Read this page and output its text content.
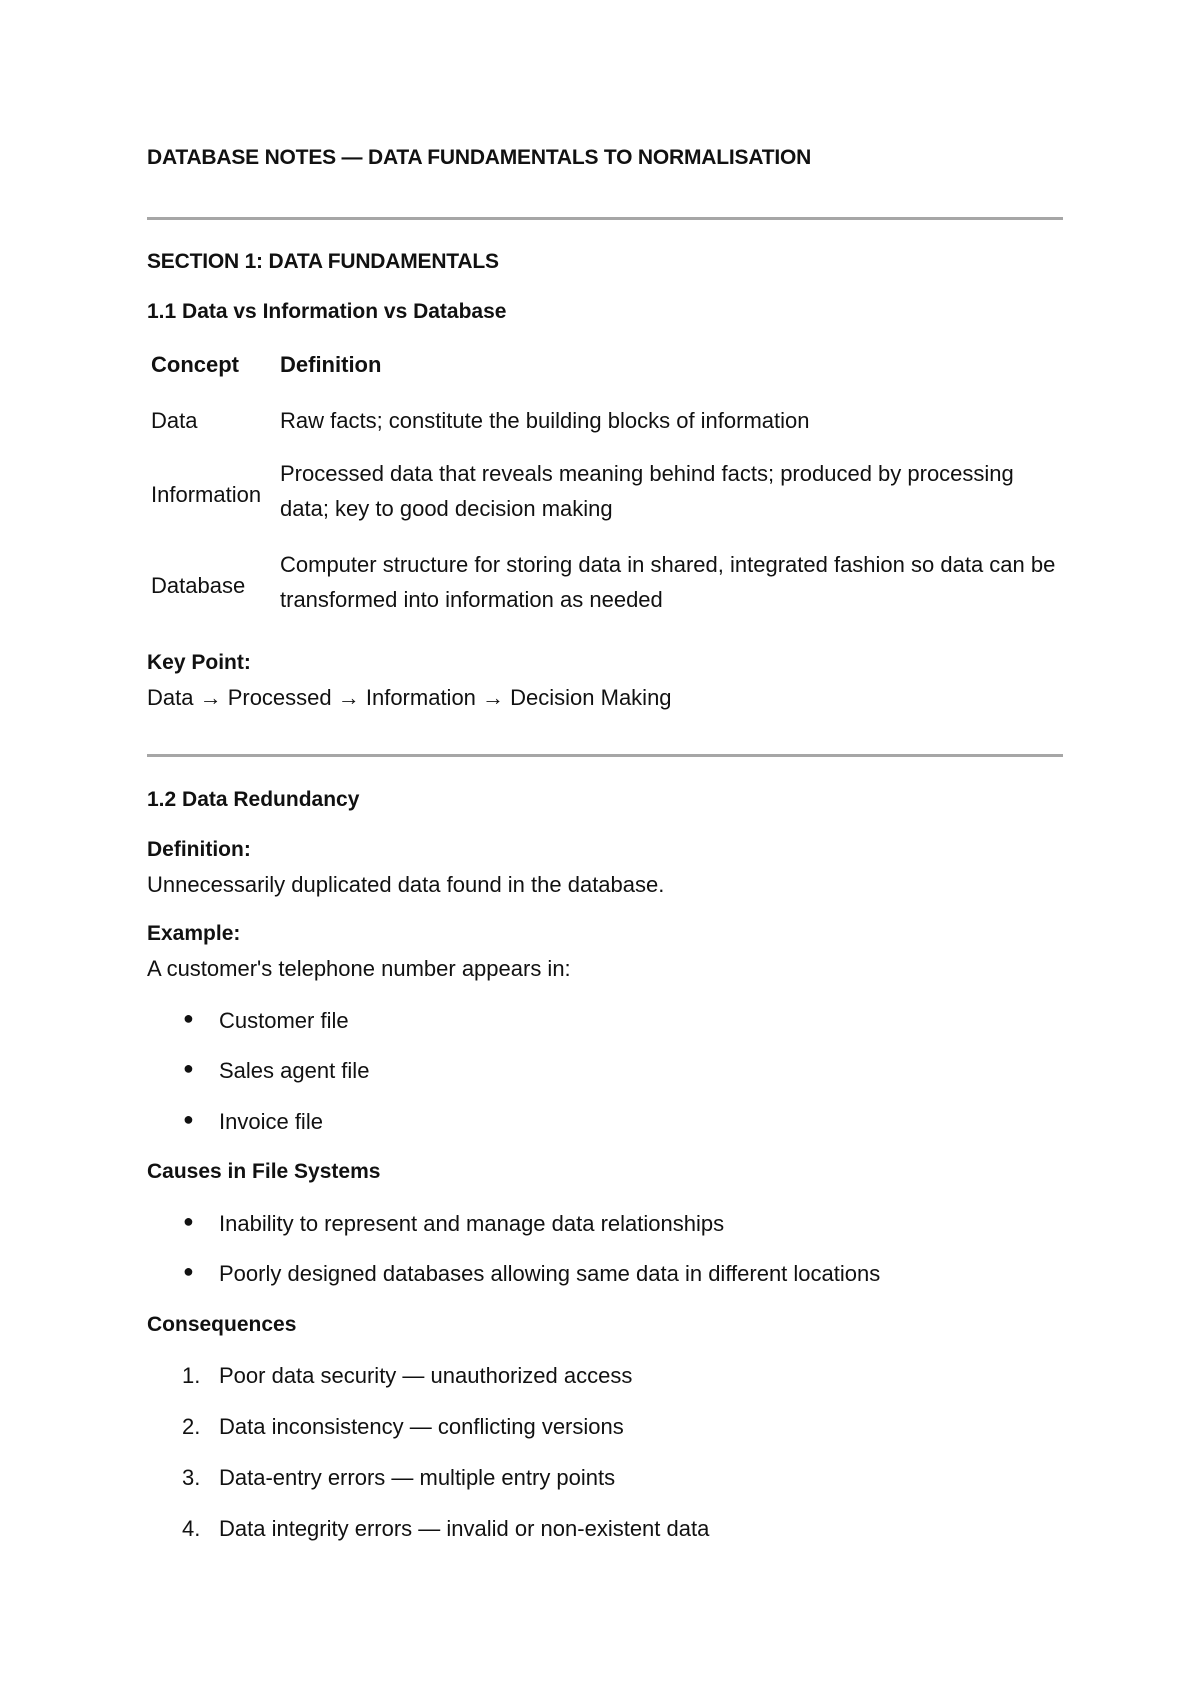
DATABASE NOTES — DATA FUNDAMENTALS TO NORMALISATION
SECTION 1: DATA FUNDAMENTALS
1.1 Data vs Information vs Database
Concept	Definition
Data	Raw facts; constitute the building blocks of information
Information
Processed data that reveals meaning behind facts; produced by processing data; key to good decision making
Database
Computer structure for storing data in shared, integrated fashion so data can be transformed into information as needed
Key Point:
Data → Processed → Information → Decision Making
1.2 Data Redundancy
Definition:
Unnecessarily duplicated data found in the database.
Example:
A customer's telephone number appears in:
● Customer file
● Sales agent file
● Invoice file
Causes in File Systems
● Inability to represent and manage data relationships
● Poorly designed databases allowing same data in different locations
Consequences
1. Poor data security — unauthorized access
2. Data inconsistency — conflicting versions
3. Data-entry errors — multiple entry points
4. Data integrity errors — invalid or non-existent data
